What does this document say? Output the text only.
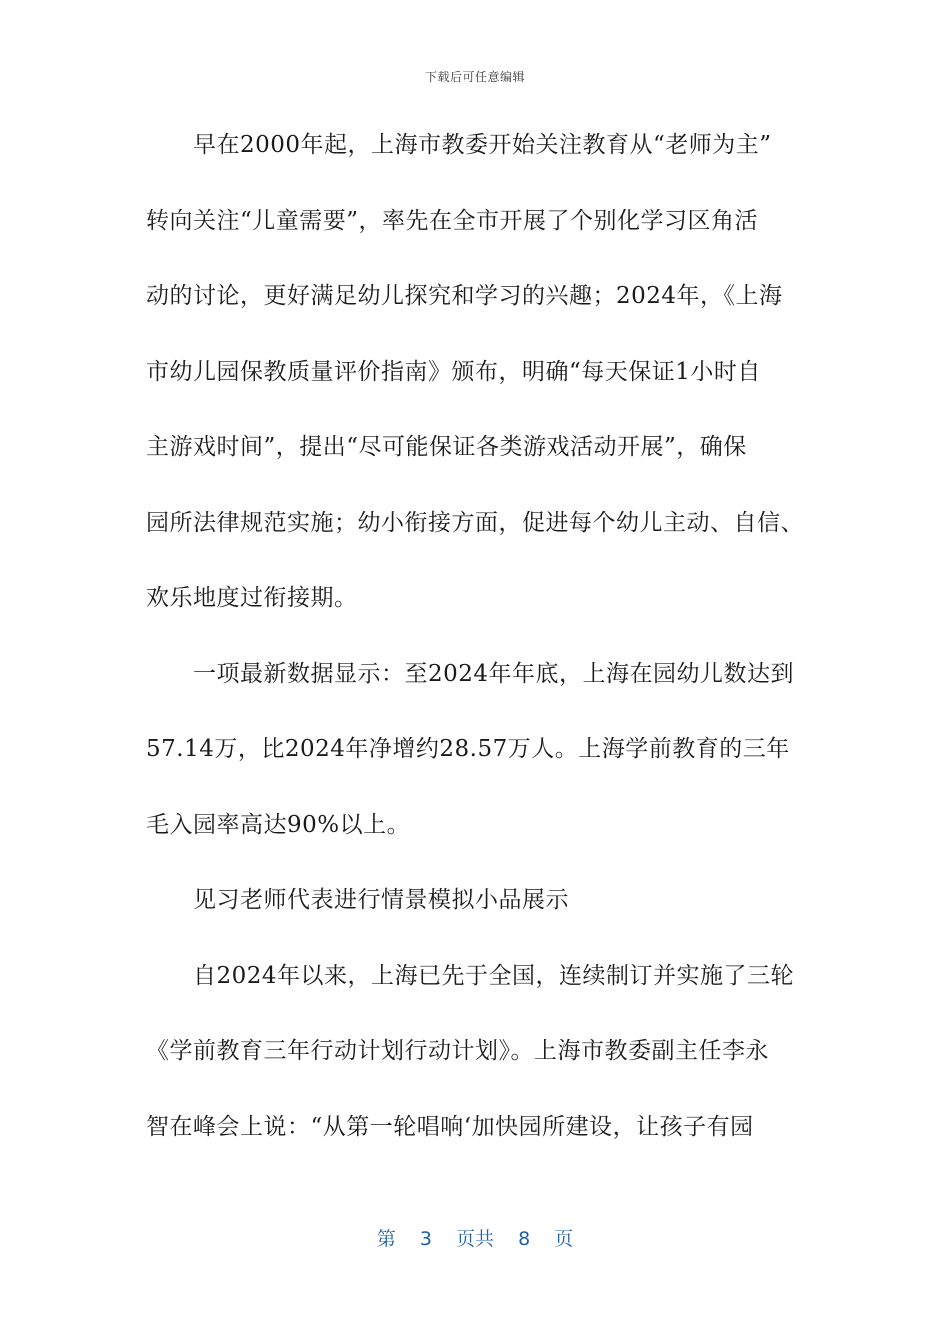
下载后可任意编辑
早在2000年起，上海市教委开始关注教育从“老师为主”
转向关注“儿童需要”，率先在全市开展了个别化学习区角活
动的讨论，更好满足幼儿探究和学习的兴趣；2024年，《上海
市幼儿园保教质量评价指南》颁布，明确“每天保证1小时自
主游戏时间”，提出“尽可能保证各类游戏活动开展”，确保
园所法律规范实施；幼小衔接方面，促进每个幼儿主动、自信、
欢乐地度过衔接期。
一项最新数据显示：至2024年年底，上海在园幼儿数达到
57.14万，比2024年净增约28.57万人。上海学前教育的三年
毛入园率高达90%以上。
见习老师代表进行情景模拟小品展示
自2024年以来，上海已先于全国，连续制订并实施了三轮
《学前教育三年行动计划行动计划》。上海市教委副主任李永
智在峰会上说：“从第一轮唱响‘加快园所建设，让孩子有园
第  3  页共  8  页
